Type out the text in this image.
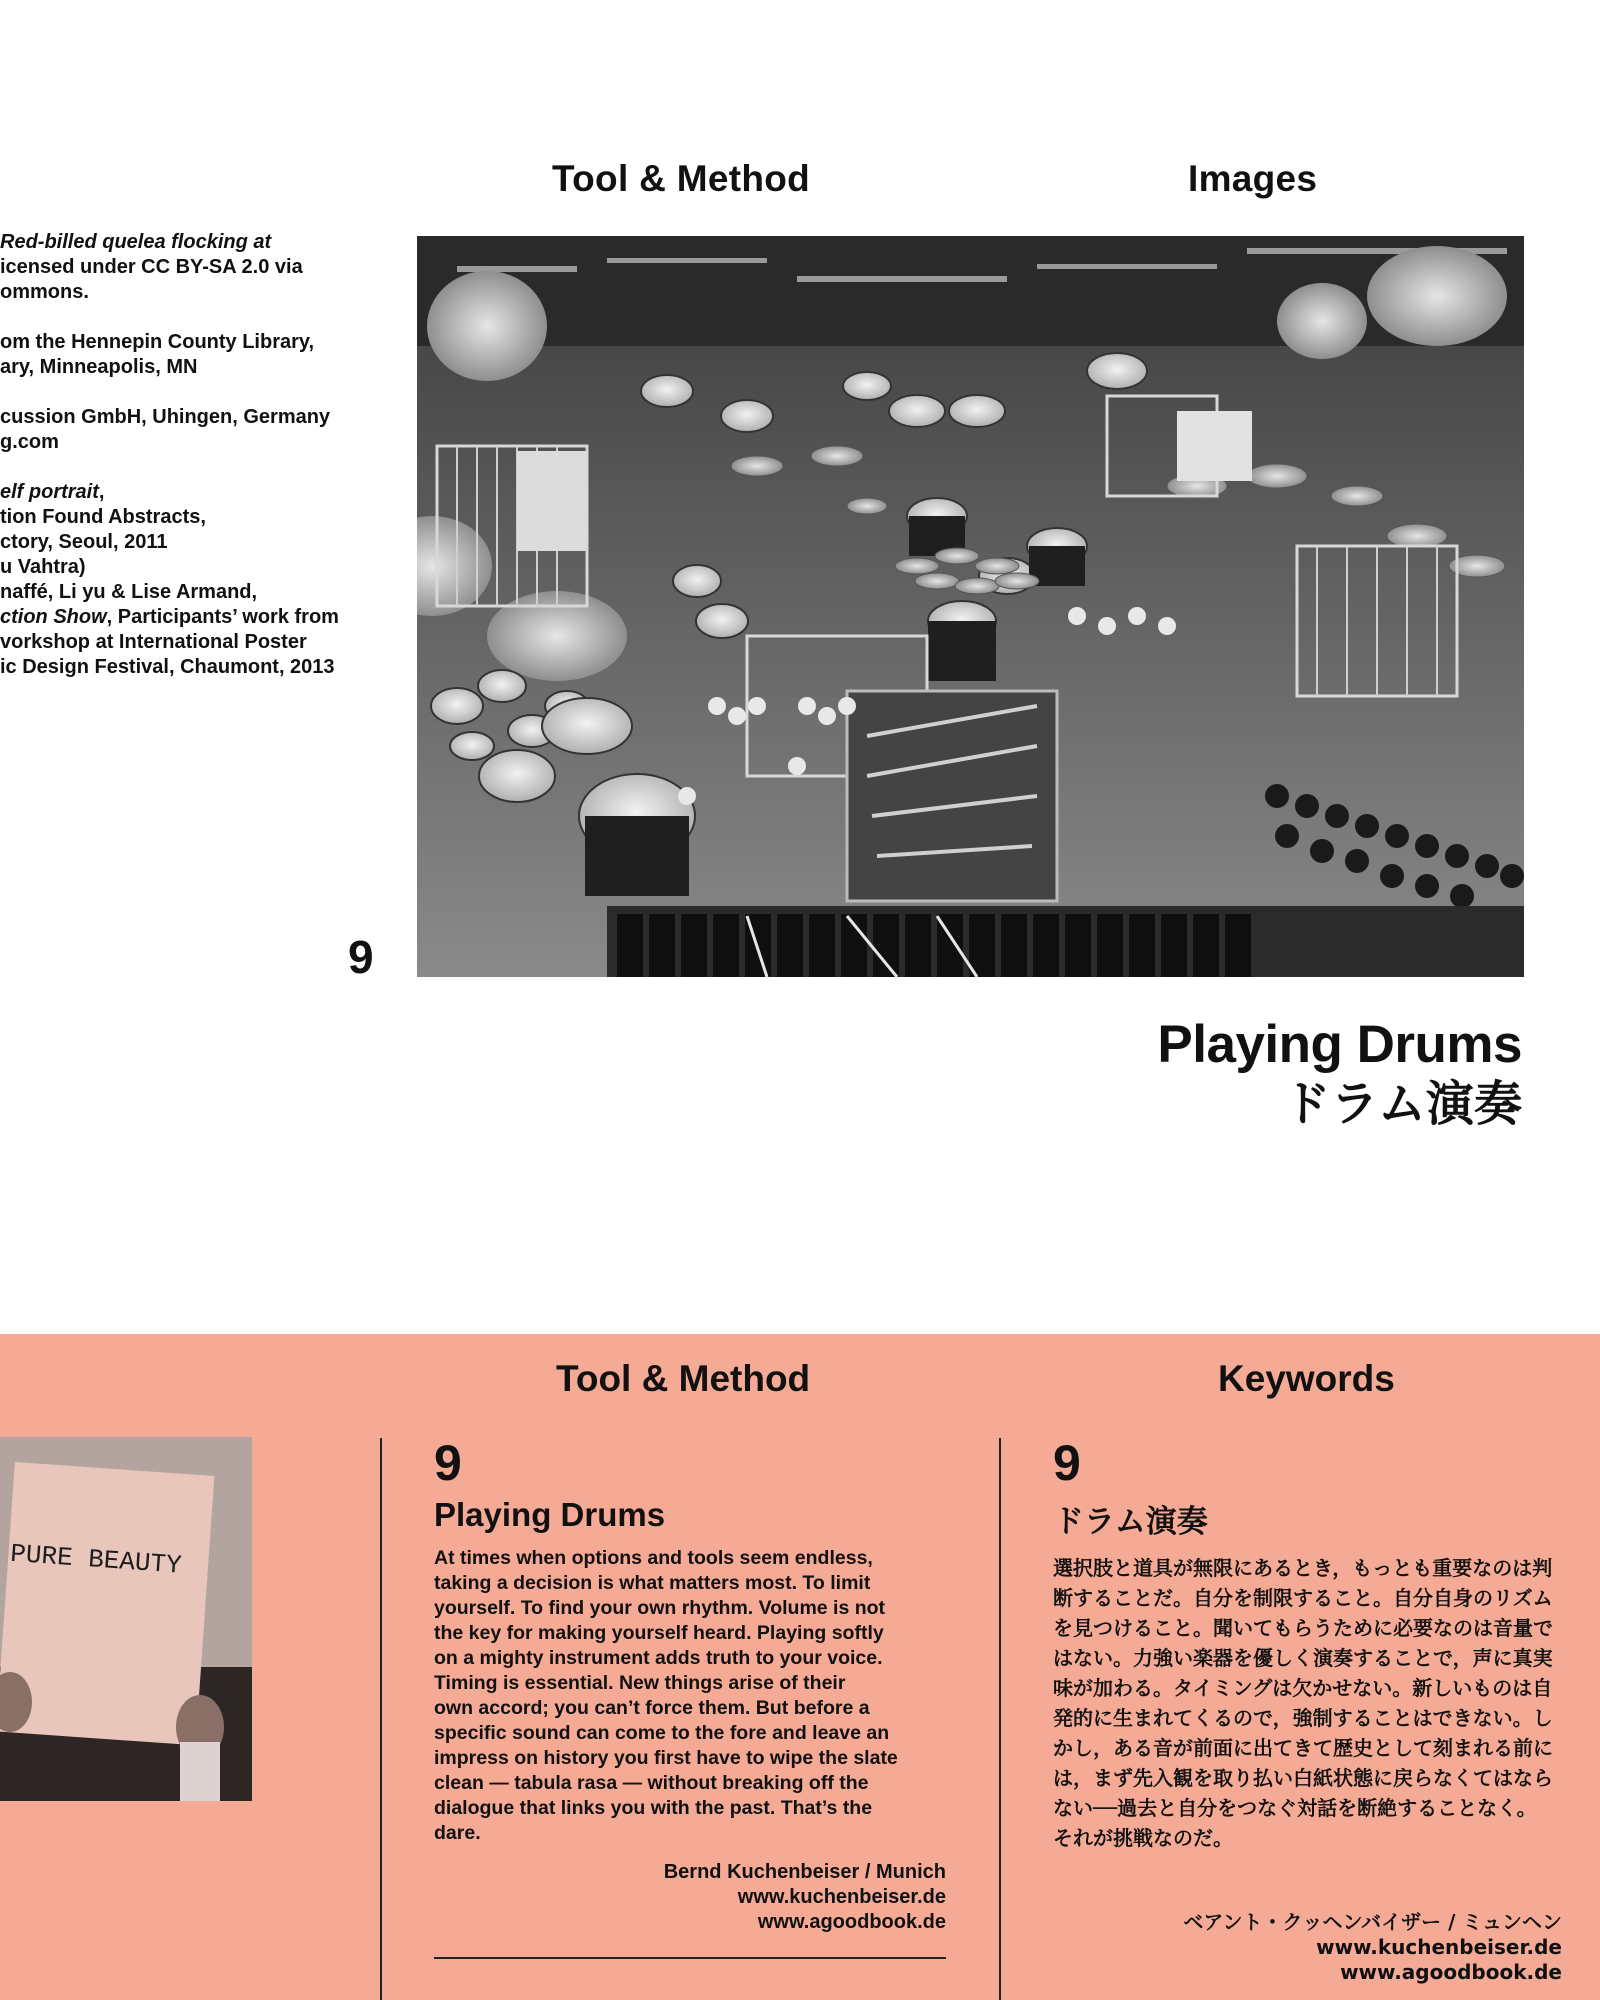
Tool & Method	Images
Red-billed quelea flocking at
icensed under CC BY-SA 2.0 via
ommons.
om the Hennepin County Library,
ary, Minneapolis, MN
cussion GmbH, Uhingen, Germany
g.com
elf portrait,
tion Found Abstracts,
ctory, Seoul, 2011
u Vahtra)
naffé, Li yu & Lise Armand,
ction Show, Participants’ work from
vorkshop at International Poster
ic Design Festival, Chaumont, 2013
9
Playing Drums
ドラム演奏
Tool & Method	Keywords
PURE BEAUTY
9
Playing Drums
At times when options and tools seem endless,
taking a decision is what matters most. To limit
yourself. To find your own rhythm. Volume is not
the key for making yourself heard. Playing softly
on a mighty instrument adds truth to your voice.
Timing is essential. New things arise of their
own accord; you can’t force them. But before a
specific sound can come to the fore and leave an
impress on history you first have to wipe the slate
clean — tabula rasa — without breaking off the
dialogue that links you with the past. That’s the
dare.
Bernd Kuchenbeiser / Munich
www.kuchenbeiser.de
www.agoodbook.de
9
ドラム演奏
選択肢と道具が無限にあるとき，もっとも重要なのは判
断することだ。自分を制限すること。自分自身のリズム
を見つけること。聞いてもらうために必要なのは音量で
はない。力強い楽器を優しく演奏することで，声に真実
味が加わる。タイミングは欠かせない。新しいものは自
発的に生まれてくるので，強制することはできない。し
かし，ある音が前面に出てきて歴史として刻まれる前に
は，まず先入観を取り払い白紙状態に戻らなくてはなら
ない──過去と自分をつなぐ対話を断絶することなく。
それが挑戦なのだ。
ベアント・クッヘンバイザー / ミュンヘン
www.kuchenbeiser.de
www.agoodbook.de
